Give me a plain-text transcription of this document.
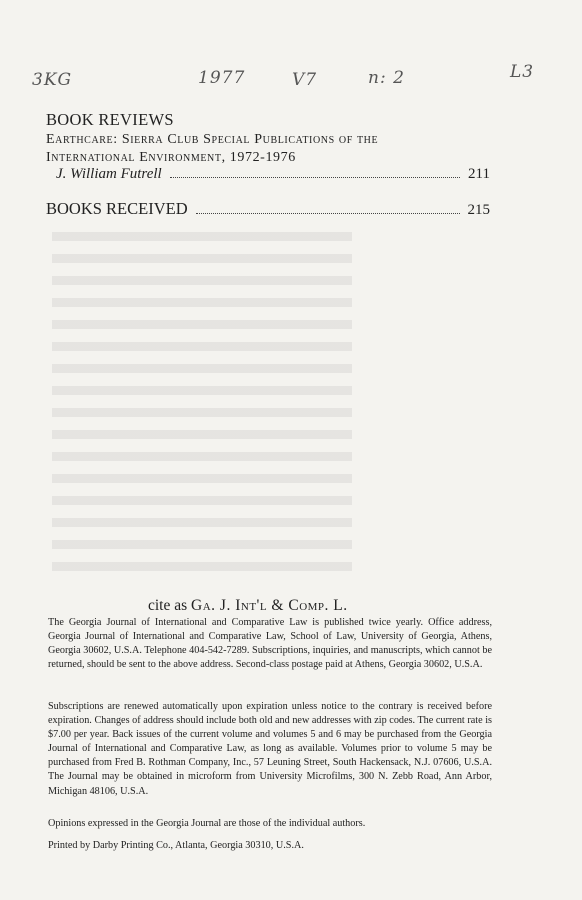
3KG	1977	V7	n: 2	L3
BOOK REVIEWS
Earthcare: Sierra Club Special Publications of the
International Environment, 1972-1976
J. William Futrell	211
BOOKS RECEIVED	215
cite as Ga. J. Int'l & Comp. L.

The Georgia Journal of International and Comparative Law is published twice yearly. Office address, Georgia Journal of International and Comparative Law, School of Law, University of Georgia, Athens, Georgia 30602, U.S.A. Telephone 404-542-7289. Subscriptions, inquiries, and manuscripts, which cannot be returned, should be sent to the above address. Second-class postage paid at Athens, Georgia 30602, U.S.A.

Subscriptions are renewed automatically upon expiration unless notice to the contrary is received before expiration. Changes of address should include both old and new addresses with zip codes. The current rate is $7.00 per year. Back issues of the current volume and volumes 5 and 6 may be purchased from the Georgia Journal of International and Comparative Law, as long as available. Volumes prior to volume 5 may be purchased from Fred B. Rothman Company, Inc., 57 Leuning Street, South Hackensack, N.J. 07606, U.S.A. The Journal may be obtained in microform from University Microfilms, 300 N. Zebb Road, Ann Arbor, Michigan 48106, U.S.A.

Opinions expressed in the Georgia Journal are those of the individual authors.

Printed by Darby Printing Co., Atlanta, Georgia 30310, U.S.A.
